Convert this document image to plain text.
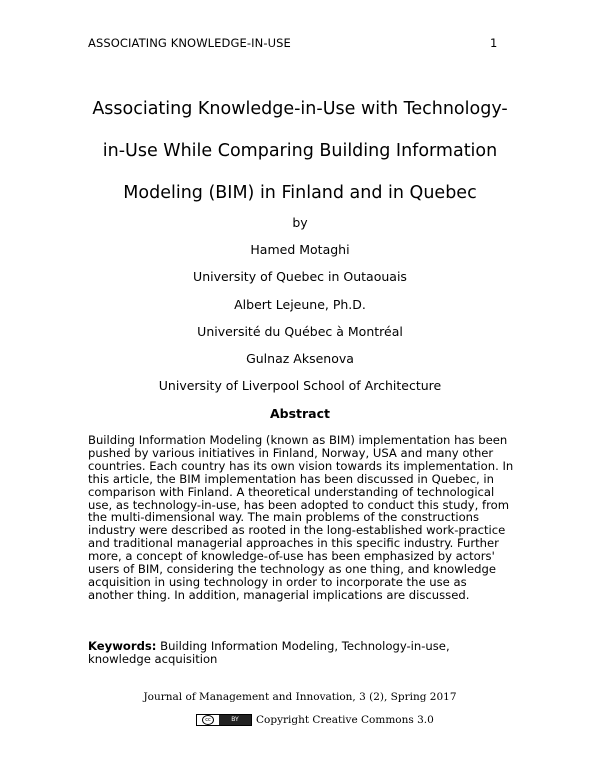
ASSOCIATING KNOWLEDGE-IN-USE	1
Associating Knowledge-in-Use with Technology-
in-Use While Comparing Building Information
Modeling (BIM) in Finland and in Quebec
by
Hamed Motaghi
University of Quebec in Outaouais
Albert Lejeune, Ph.D.
Université du Québec à Montréal
Gulnaz Aksenova
University of Liverpool School of Architecture
Abstract
Building Information Modeling (known as BIM) implementation has been pushed by various initiatives in Finland, Norway, USA and many other countries. Each country has its own vision towards its implementation. In this article, the BIM implementation has been discussed in Quebec, in comparison with Finland. A theoretical understanding of technological use, as technology-in-use, has been adopted to conduct this study, from the multi-dimensional way. The main problems of the constructions industry were described as rooted in the long-established work-practice and traditional managerial approaches in this specific industry. Further more, a concept of knowledge-of-use has been emphasized by actors' users of BIM, considering the technology as one thing, and knowledge acquisition in using technology in order to incorporate the use as another thing. In addition, managerial implications are discussed.
Keywords: Building Information Modeling, Technology-in-use, knowledge acquisition
Journal of Management and Innovation, 3 (2), Spring 2017
cc	BY	Copyright Creative Commons 3.0
